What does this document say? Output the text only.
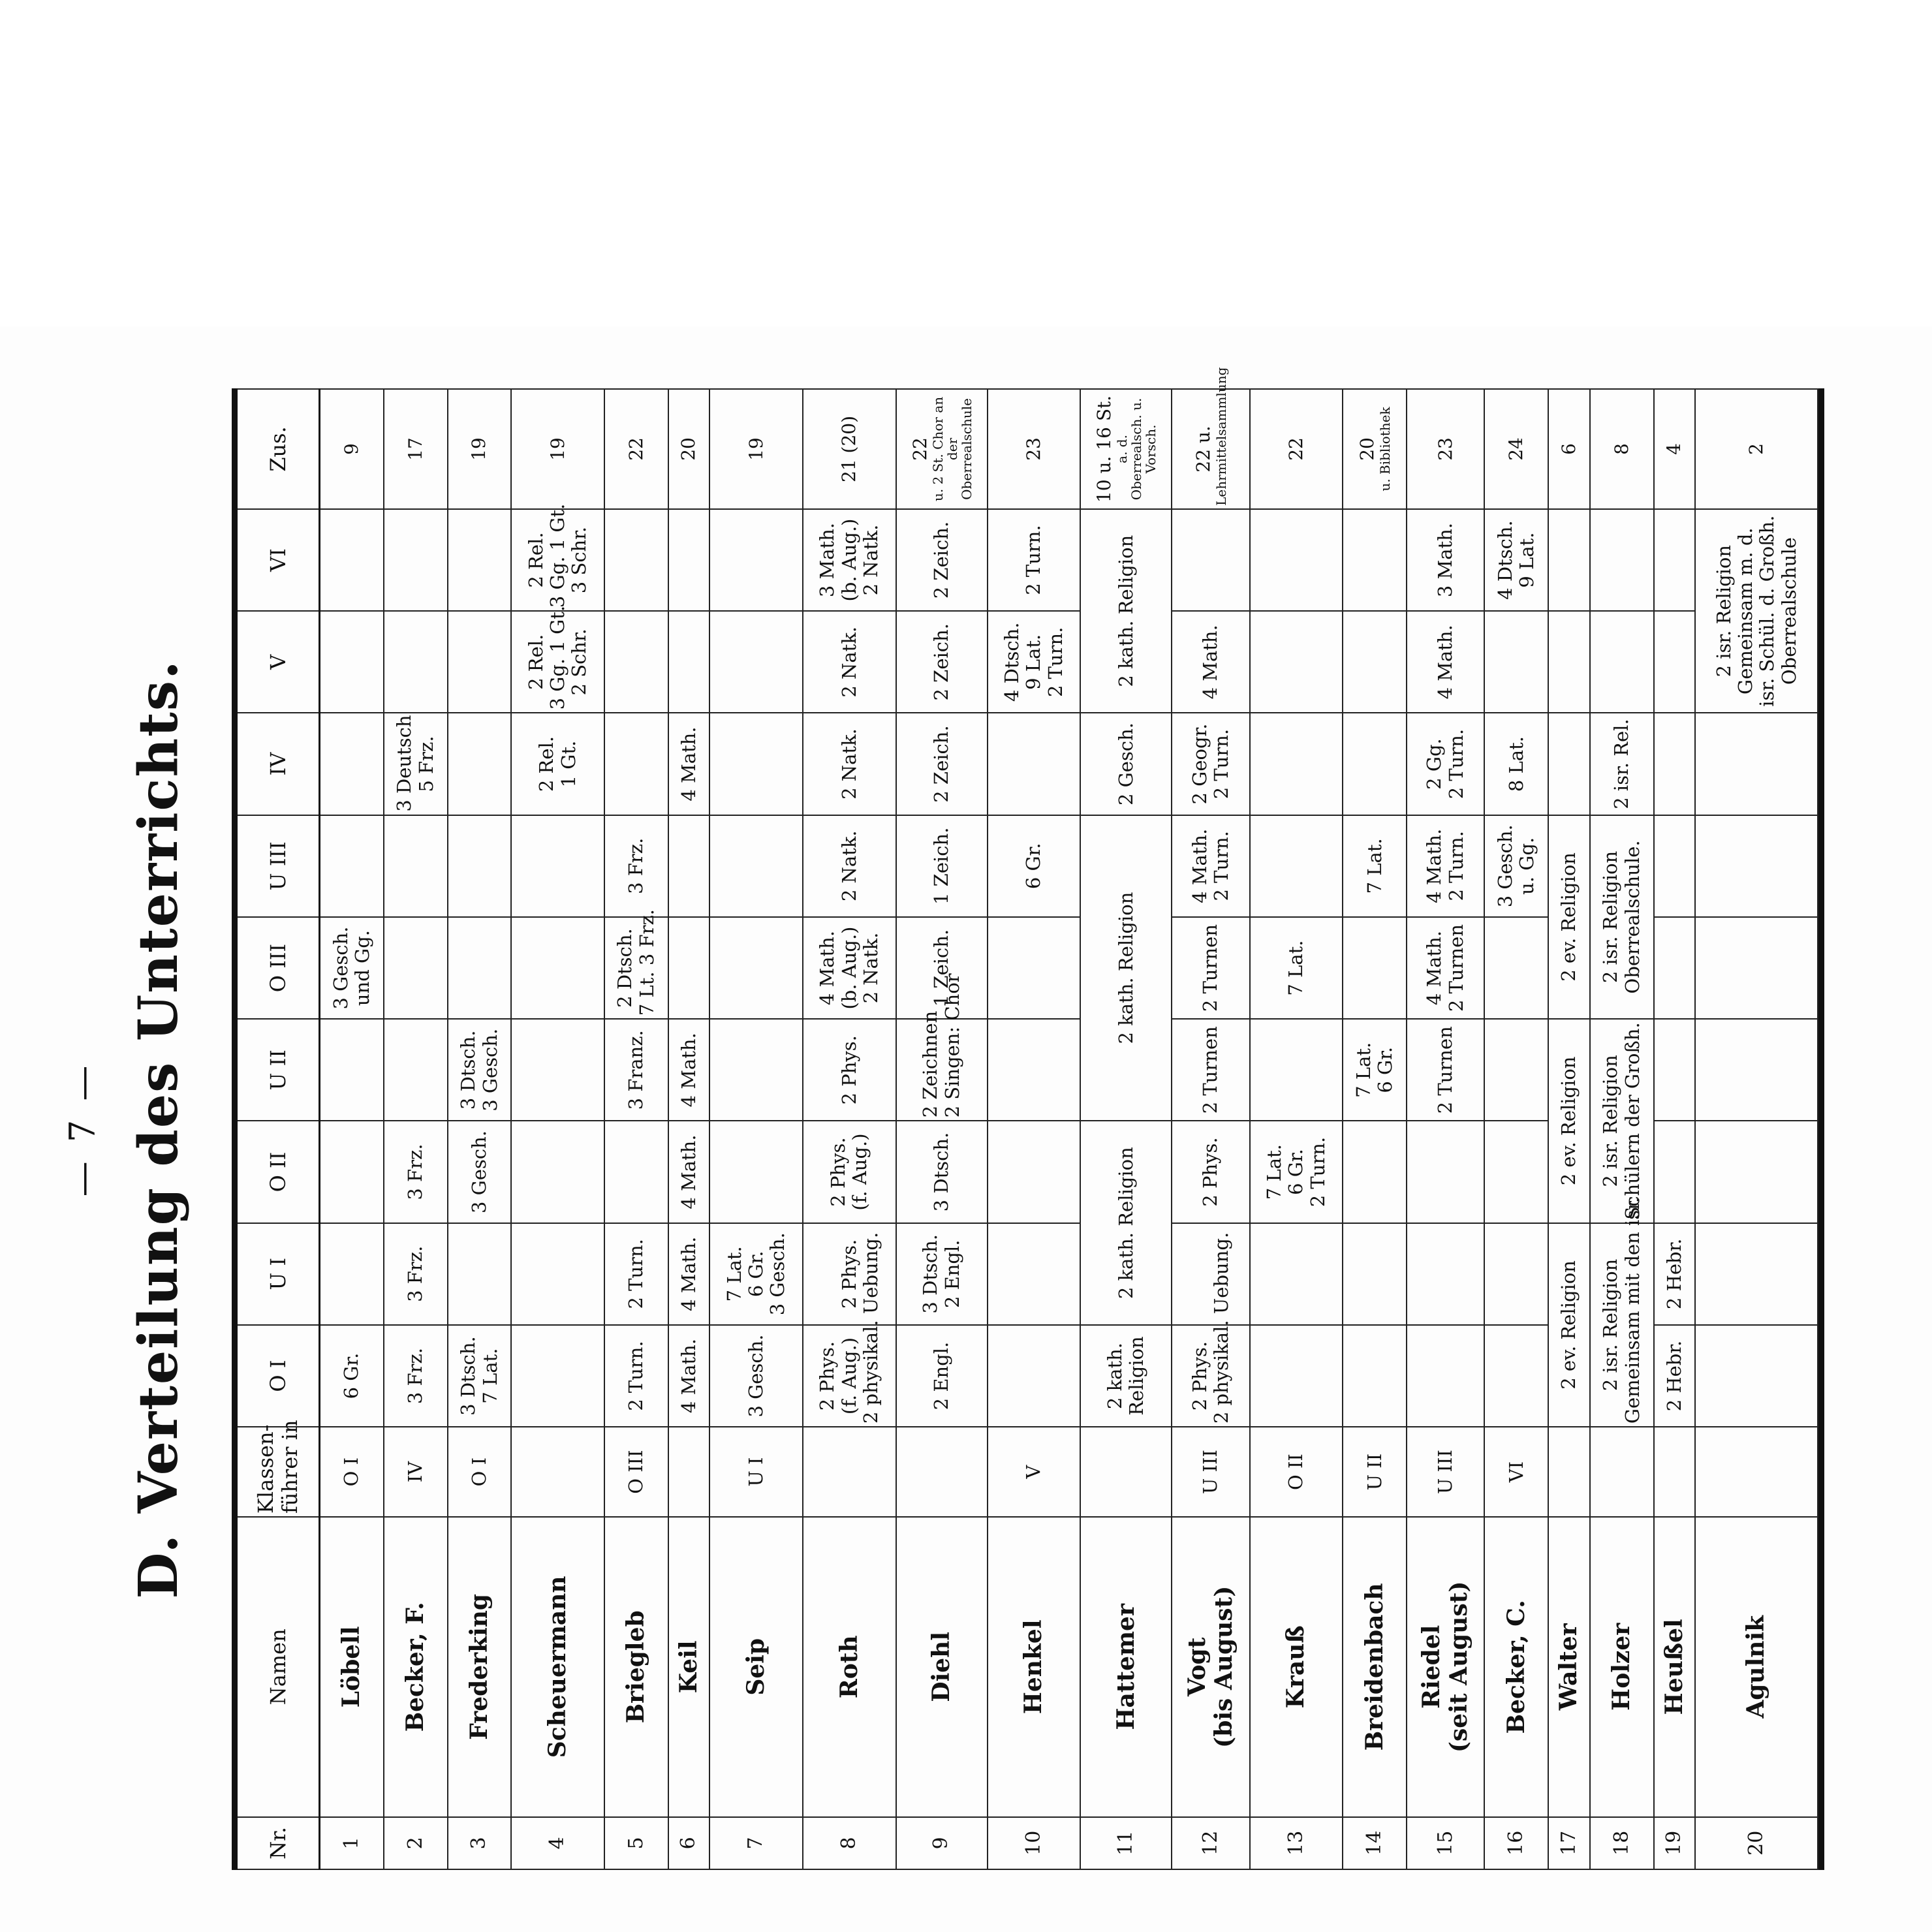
— 7 — D. Verteilung des Unterrichts.
Nr.	Namen	Klassen-
führer in	O I	U I	O II	U II	O III	U III	IV	V	VI	Zus.
1	Löbell	O I	6 Gr.				3 Gesch. und Gg.					9

2	Becker, F.	IV	3 Frz.	3 Frz.	3 Frz.				3 Deutsch 5 Frz.			17

3	Frederking	O I	3 Dtsch. 7 Lat.		3 Gesch.	3 Dtsch. 3 Gesch.						19

4	Scheuermann								2 Rel. 1 Gt.	2 Rel. 3 Gg. 1 Gt. 2 Schr.	2 Rel. 3 Gg. 1 Gt. 3 Schr.	19

5	Briegleb	O III	2 Turn.	2 Turn.		3 Franz.	2 Dtsch. 7 Lt. 3 Frz.	3 Frz.				22

6	Keil		4 Math.	4 Math.	4 Math.	4 Math.			4 Math.			20

7	Seip	U I	3 Gesch.	7 Lat. 6 Gr. 3 Gesch.								19

8	Roth		2 Phys. (f. Aug.) 2 physikal. Uebung.	2 Phys.	2 Phys. (f. Aug.)	2 Phys.	4 Math. (b. Aug.) 2 Natk.	2 Natk.	2 Natk.	2 Natk.	3 Math. (b. Aug.) 2 Natk.	21 (20)

9	Diehl		2 Engl.	3 Dtsch. 2 Engl.	3 Dtsch.	2 Zeichnen 2 Singen: Chor	1 Zeich.	1 Zeich.	2 Zeich.	2 Zeich.	2 Zeich.	22 u. 2 St. Chor an der Oberrealschule

10	Henkel	V						6 Gr.		4 Dtsch. 9 Lat. 2 Turn.	2 Turn.	23

11	Hattemer		2 kath. Religion	2 kath. Religion		2 kath. Religion			2 Gesch.	2 kath. Religion		10 u. 16 St. a. d. Oberrealsch. u. Vorsch.

12	Vogt (bis August)	U III	2 Phys. 2 physikal. Uebung.		2 Phys.	2 Turnen	2 Turnen	4 Math. 2 Turn.	2 Geogr. 2 Turn.	4 Math.		22 u. Lehrmittelsammlung

13	Krauß	O II			7 Lat. 6 Gr. 2 Turn.		7 Lat.					22

14	Breidenbach	U II				7 Lat. 6 Gr.		7 Lat.				20 u. Bibliothek

15	Riedel (seit August)	U III				2 Turnen	4 Math. 2 Turnen	4 Math. 2 Turn.	2 Gg. 2 Turn.	4 Math.	3 Math.	23

16	Becker, C.	VI						3 Gesch. u. Gg.	8 Lat.		4 Dtsch. 9 Lat.	24

17	Walter		2 ev. Religion		2 ev. Religion		2 ev. Religion					6

18	Holzer		2 isr. Religion Gemeinsam mit den isr.		2 isr. Religion Schülern der Großh.		2 isr. Religion Oberrealschule.		2 isr. Rel.			8

19	Heußel		2 Hebr.	2 Hebr.								4

20	Agulnik									2 isr. Religion Gemeinsam m. d. isr. Schül. d. Großh. Oberrealschule		2
